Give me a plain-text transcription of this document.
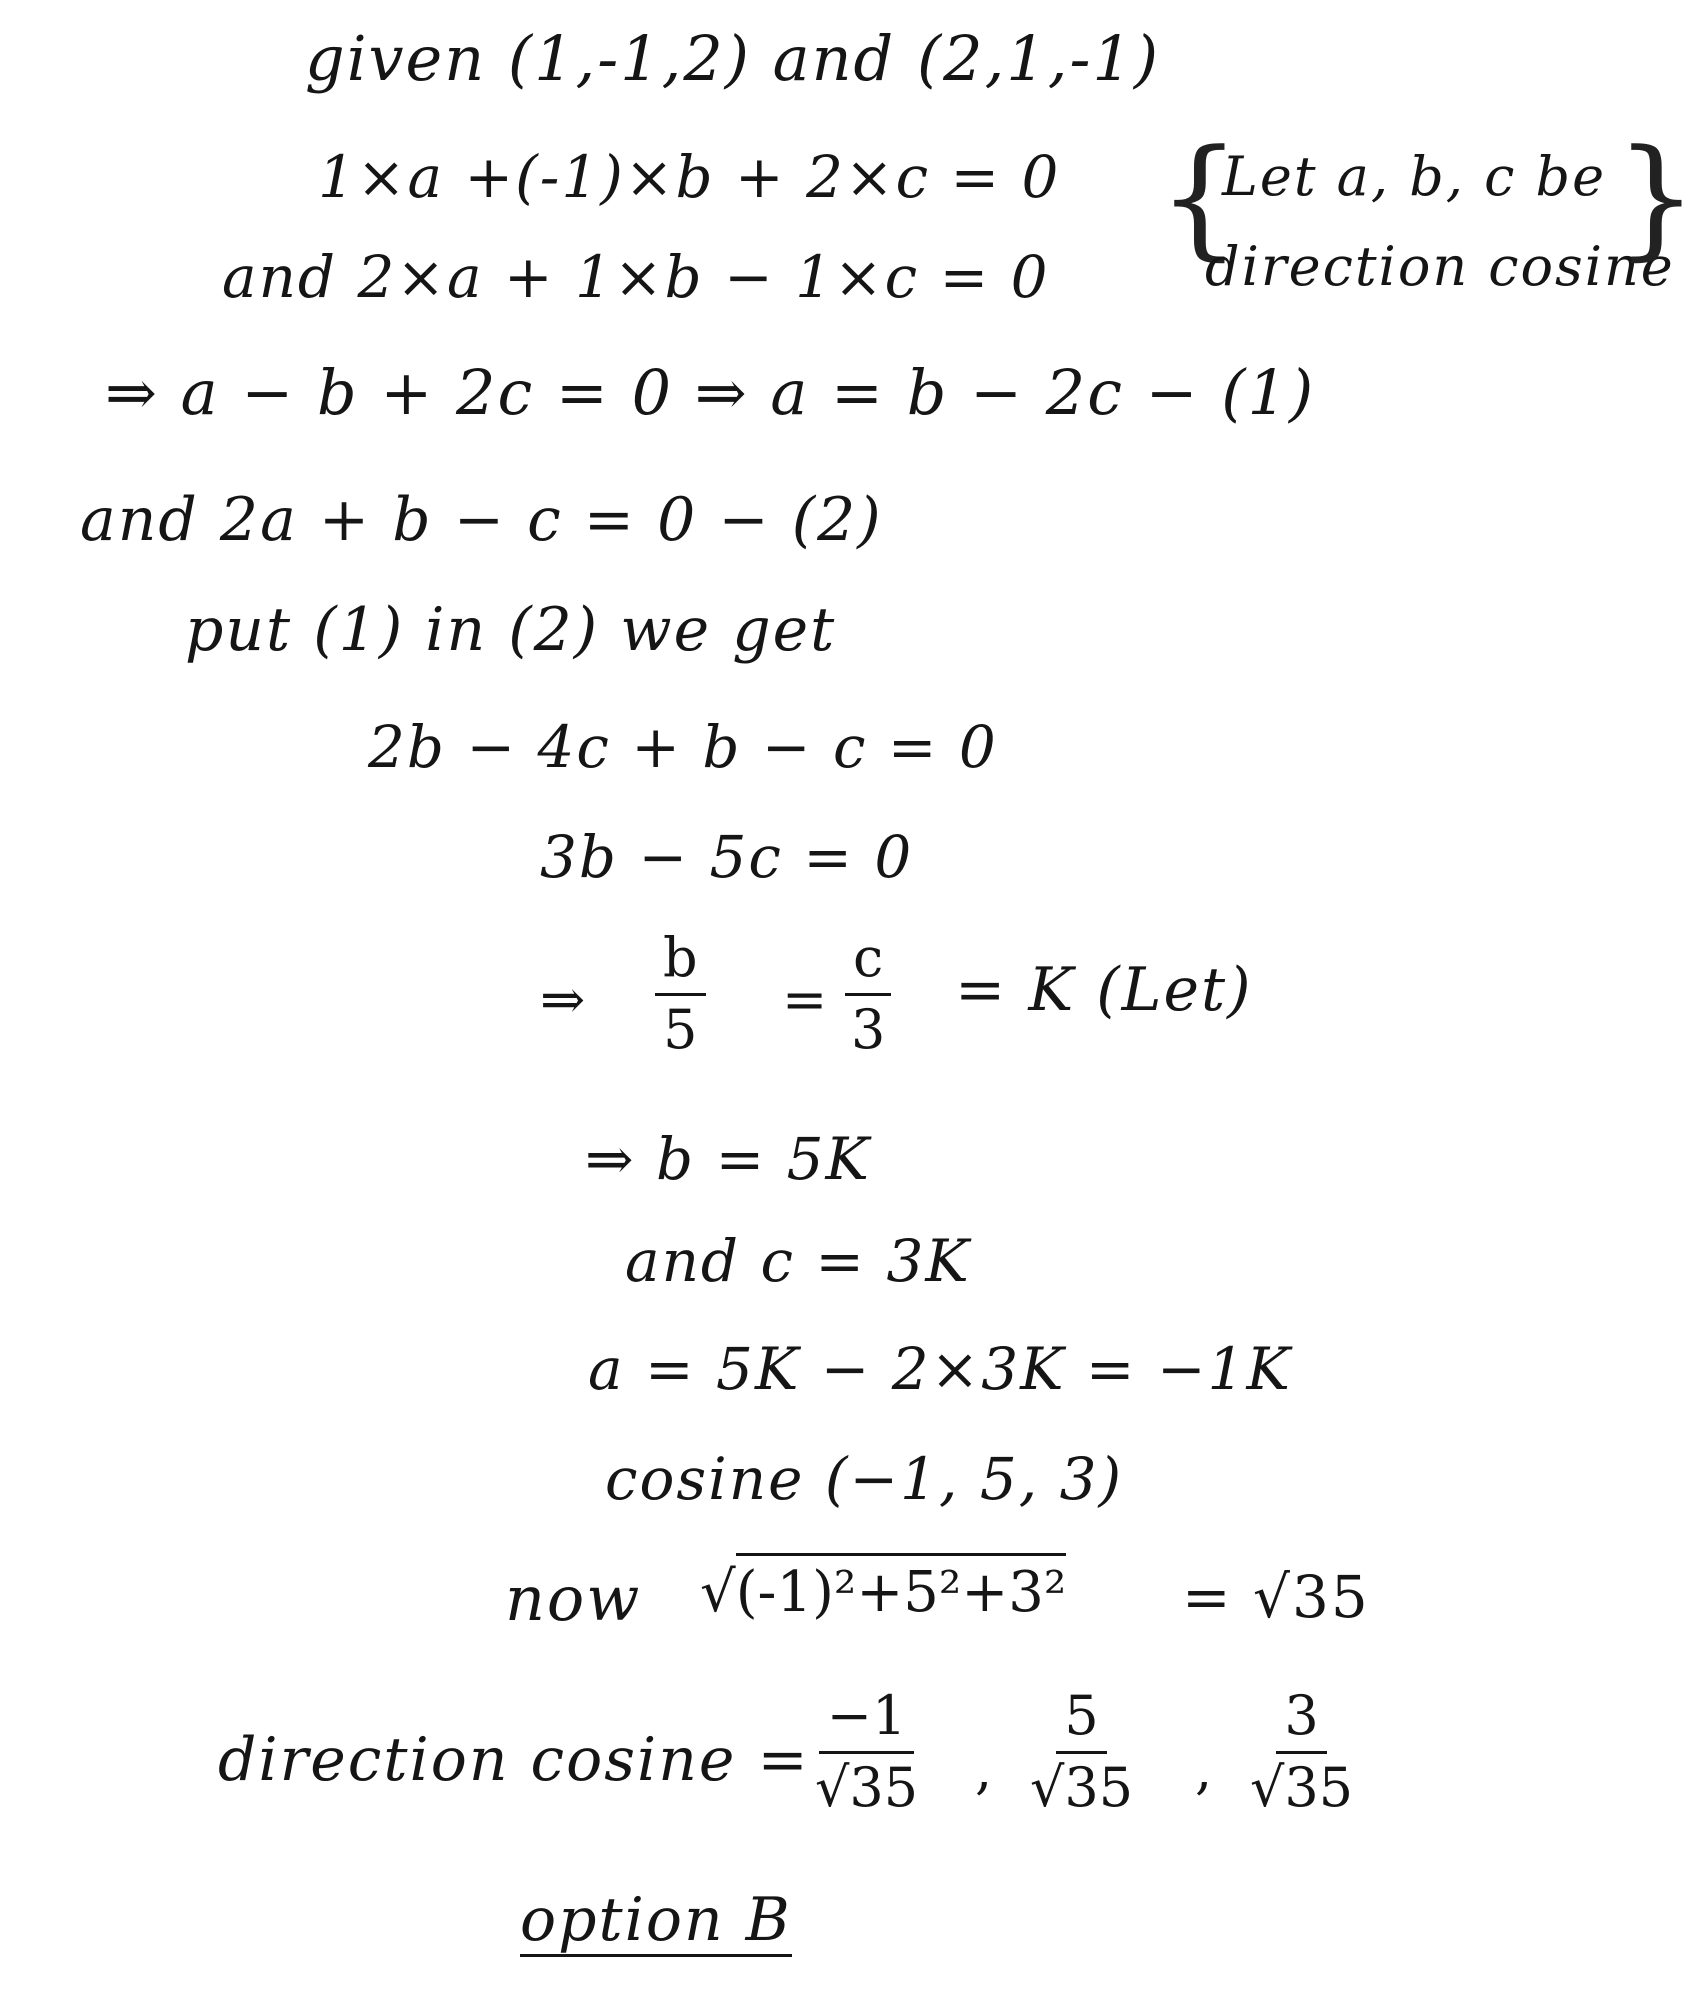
given (1,-1,2) and (2,1,-1)
1×a +(-1)×b + 2×c = 0 {
Let a, b, c be
direction cosine
}
and 2×a + 1×b − 1×c = 0
⇒ a − b + 2c = 0 ⇒ a = b − 2c − (1)
and 2a + b − c = 0 − (2)
put (1) in (2) we get
2b − 4c + b − c = 0
3b − 5c = 0
⇒ $\frac{b}{5} = \frac{c}{3} = K$ (Let)
⇒ b = 5K
and c = 3K
a = 5K − 2×3K = −1K
cosine (−1, 5, 3)
now √(-1)²+5²+3² = √35
direction $cosine = \frac{-1}{√35}$ , $\frac{5}{√35}$ , $\frac{3}{√35}$
option B
